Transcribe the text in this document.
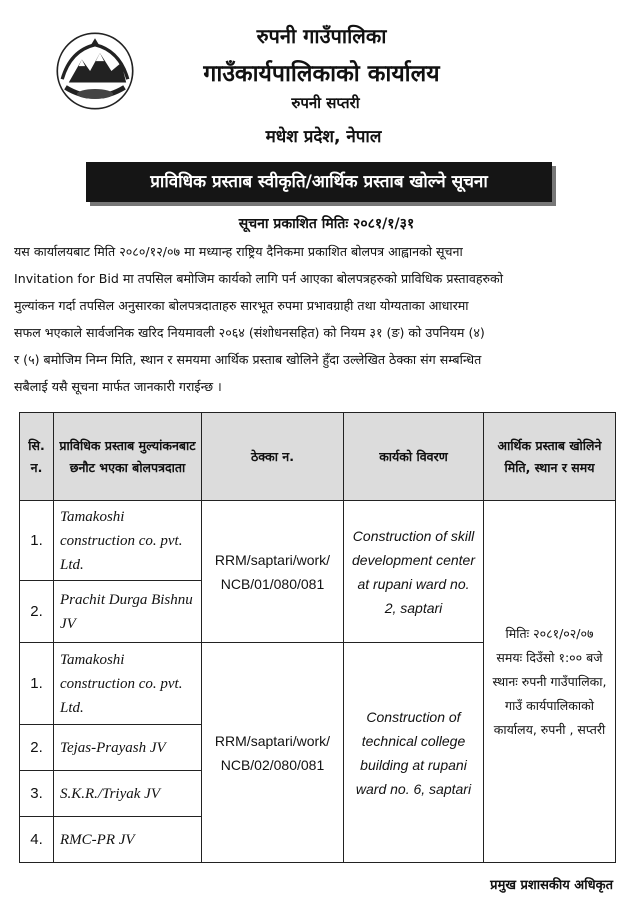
रुपनी गाउँपालिका
गाउँकार्यपालिकाको कार्यालय
रुपनी सप्तरी
मधेश प्रदेश, नेपाल
प्राविधिक प्रस्ताब स्वीकृति/आर्थिक प्रस्ताब खोल्ने सूचना
सूचना प्रकाशित मितिः २०८१/१/३१
यस कार्यालयबाट मिति २०८०/१२/०७ मा मध्यान्ह राष्ट्रिय दैनिकमा प्रकाशित बोलपत्र आह्वानको सूचना
Invitation for Bid मा तपसिल बमोजिम कार्यको लागि पर्न आएका बोलपत्रहरुको प्राविधिक प्रस्तावहरुको
मुल्यांकन गर्दा तपसिल अनुसारका बोलपत्रदाताहरु सारभूत रुपमा प्रभावग्राही तथा योग्यताका आधारमा
सफल भएकाले सार्वजनिक खरिद नियमावली २०६४ (संशोधनसहित) को नियम ३१ (ङ) को उपनियम (४)
र (५) बमोजिम निम्न मिति, स्थान र समयमा आर्थिक प्रस्ताब खोलिने हुँदा उल्लेखित ठेक्का संग सम्बन्धित
सबैलाई यसै सूचना मार्फत जानकारी गराईन्छ ।
सि. न.	प्राविधिक प्रस्ताब मुल्यांकनबाट छनौट भएका बोलपत्रदाता	ठेक्का न.	कार्यको विवरण	आर्थिक प्रस्ताब खोलिने मिति, स्थान र समय
1.	Tamakoshi construction co. pvt. Ltd.	RRM/saptari/work/ NCB/01/080/081	Construction of skill development center at rupani ward no. 2, saptari	मितिः २०८१/०२/०७
समयः दिउँसो १:०० बजे
स्थानः रुपनी गाउँपालिका, गाउँ कार्यपालिकाको कार्यालय, रुपनी , सप्तरी

2.	Prachit Durga Bishnu JV			
1.	Tamakoshi construction co. pvt. Ltd.	RRM/saptari/work/ NCB/02/080/081	Construction of technical college building at rupani ward no. 6, saptari	
2.	Tejas-Prayash JV			
3.	S.K.R./Triyak JV			
4.	RMC-PR JV			
प्रमुख प्रशासकीय अधिकृत
